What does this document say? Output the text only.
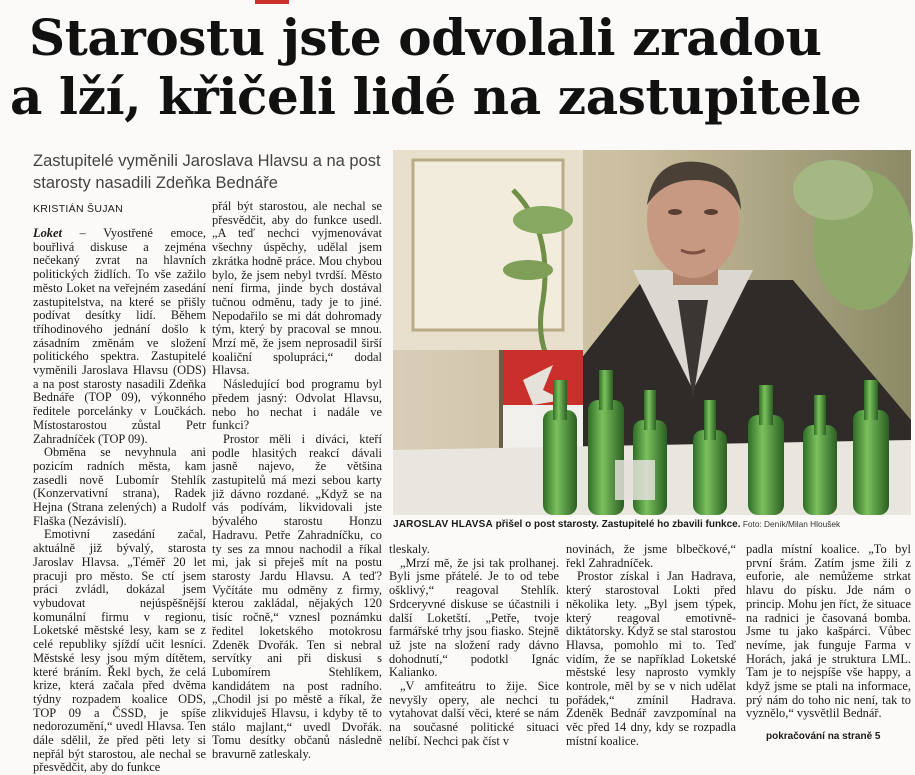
Starostu jste odvolali zradou
a lží, křičeli lidé na zastupitele

Zastupitelé vyměnili Jaroslava Hlavsu a na post starosty nasadili Zdeňka Bednáře

KRISTIÁN ŠUJAN

Loket – Vyostřené emoce, bouřlivá diskuse a zejména nečekaný zvrat na hlavních politických židlích. To vše zažilo město Loket na veřejném zasedání zastupitelstva, na které se přišly podívat desítky lidí. Během tříhodinového jednání došlo k zásadním změnám ve složení politického spektra. Zastupitelé vyměnili Jaroslava Hlavsu (ODS) a na post starosty nasadili Zdeňka Bednáře (TOP 09), výkonného ředitele porcelánky v Loučkách. Místostarostou zůstal Petr Zahradníček (TOP 09).

Obměna se nevyhnula ani pozicím radních města, kam zasedli nově Lubomír Stehlík (Konzervativní strana), Radek Hejna (Strana zelených) a Rudolf Flaška (Nezávislí).

Emotivní zasedání začal, aktuálně již bývalý, starosta Jaroslav Hlavsa. „Téměř 20 let pracuji pro město. Se ctí jsem práci zvládl, dokázal jsem vybudovat nejúspěšnější komunální firmu v regionu, Loketské městské lesy, kam se z celé republiky sjíždí učit lesníci. Městské lesy jsou mým dítětem, které bráním. Řekl bych, že celá krize, která začala před dvěma týdny rozpadem koalice ODS, TOP 09 a ČSSD, je spíše nedorozumění,“ uvedl Hlavsa. Ten dále sdělil, že před pěti lety si nepřál být starostou, ale nechal se přesvědčit, aby do funkce

přál být starostou, ale nechal se přesvědčit, aby do funkce usedl. „A teď nechci vyjmenovávat všechny úspěchy, udělal jsem zkrátka hodně práce. Mou chybou bylo, že jsem nebyl tvrdší. Město není firma, jinde bych dostával tučnou odměnu, tady je to jiné. Nepodařilo se mi dát dohromady tým, který by pracoval se mnou. Mrzí mě, že jsem neprosadil širší koaliční spolupráci,“ dodal Hlavsa.

Následující bod programu byl předem jasný: Odvolat Hlavsu, nebo ho nechat i nadále ve funkci?

Prostor měli i diváci, kteří podle hlasitých reakcí dávali jasně najevo, že většina zastupitelů má mezi sebou karty již dávno rozdané. „Když se na vás podívám, likvidovali jste bývalého starostu Honzu Hadravu. Petře Zahradníčku, co ty ses za mnou nachodil a říkal mi, jak si přeješ mít na postu starosty Jardu Hlavsu. A teď? Vyčítáte mu odměny z firmy, kterou zakládal, nějakých 120 tisíc ročně,“ vznesl poznámku ředitel loketského motokrosu Zdeněk Dvořák. Ten si nebral servítky ani při diskusi s Lubomírem Stehlíkem, kandidátem na post radního. „Chodil jsi po městě a říkal, že zlikviduješ Hlavsu, i kdyby tě to stálo majlant,“ uvedl Dvořák. Tomu desítky občanů následně bravurně zatleskaly.

JAROSLAV HLAVSA přišel o post starosty. Zastupitelé ho zbavili funkce. Foto: Deník/Milan Hloušek

tleskaly.

„Mrzí mě, že jsi tak prolhanej. Byli jsme přátelé. Je to od tebe ošklivý,“ reagoval Stehlík. Srdceryvné diskuse se účastnili i další Loketští. „Petře, tvoje farmářské trhy jsou fiasko. Stejně už jste na složení rady dávno dohodnutí,“ podotkl Ignác Kalianko.

„V amfiteátru to žije. Sice nevyšly opery, ale nechci tu vytahovat další věci, které se nám na současné politické situaci nelíbí. Nechci pak číst v

novinách, že jsme blbečkové,“ řekl Zahradníček.

Prostor získal i Jan Hadrava, který starostoval Lokti před několika lety. „Byl jsem týpek, který reagoval emotivně-diktátorsky. Když se stal starostou Hlavsa, pomohlo mi to. Teď vidím, že se například Loketské městské lesy naprosto vymkly kontrole, měl by se v nich udělat pořádek,“ zmínil Hadrava. Zdeněk Bednář zavzpomínal na věc před 14 dny, kdy se rozpadla místní koalice.

padla místní koalice. „To byl první šrám. Zatím jsme žili z euforie, ale nemůžeme strkat hlavu do písku. Jde nám o princip. Mohu jen říct, že situace na radnici je časovaná bomba. Jsme tu jako kašpárci. Vůbec nevíme, jak funguje Farma v Horách, jaká je struktura LML. Tam je to nejspíše vše happy, a když jsme se ptali na informace, prý nám do toho nic není, tak to vyznělo,“ vysvětlil Bednář.

pokračování na straně 5
